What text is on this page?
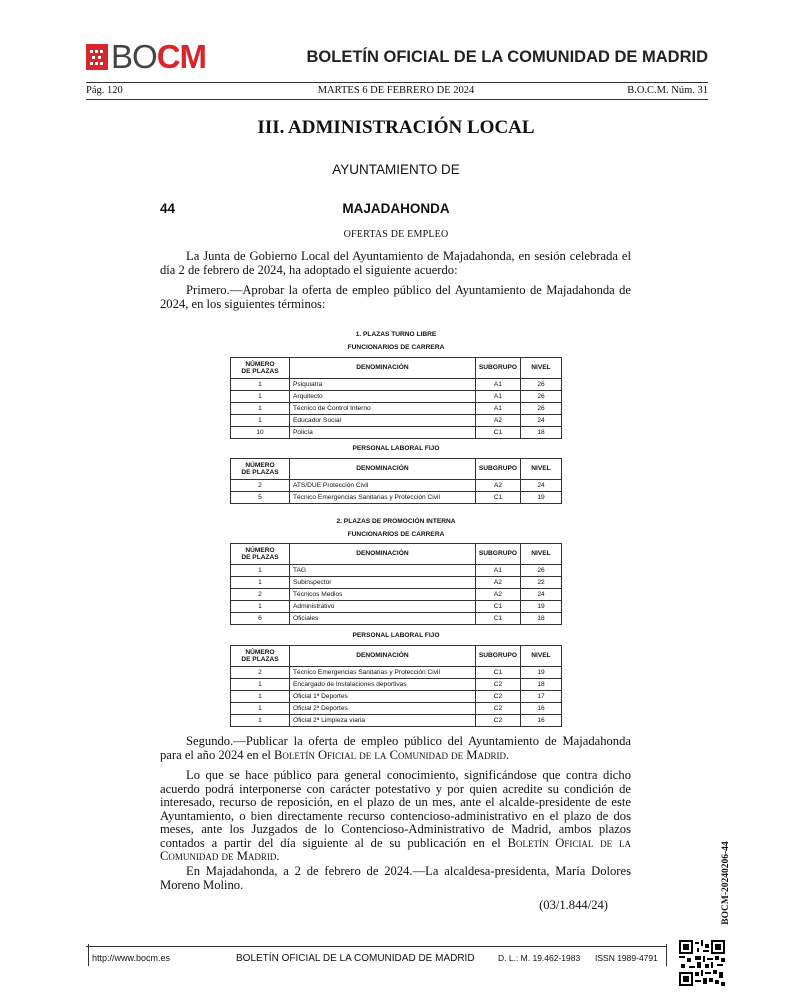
BOCM	BOLETÍN OFICIAL DE LA COMUNIDAD DE MADRID
Pág. 120	MARTES 6 DE FEBRERO DE 2024	B.O.C.M. Núm. 31
III. ADMINISTRACIÓN LOCAL
AYUNTAMIENTO DE
44	MAJADAHONDA
OFERTAS DE EMPLEO
La Junta de Gobierno Local del Ayuntamiento de Majadahonda, en sesión celebrada el día 2 de febrero de 2024, ha adoptado el siguiente acuerdo:
Primero.—Aprobar la oferta de empleo público del Ayuntamiento de Majadahonda de 2024, en los siguientes términos:
1. PLAZAS TURNO LIBRE
FUNCIONARIOS DE CARRERA
NÚMERO
DE PLAZAS	DENOMINACIÓN	SUBGRUPO	NIVEL
1	Psiquiatra	A1	26
1	Arquitecto	A1	26
1	Técnico de Control Interno	A1	26
1	Educador Social	A2	24
10	Policía	C1	18
PERSONAL LABORAL FIJO
NÚMERO
DE PLAZAS	DENOMINACIÓN	SUBGRUPO	NIVEL
2	ATS/DUE Protección Civil	A2	24
5	Técnico Emergencias Sanitarias y Protección Civil	C1	19
2. PLAZAS DE PROMOCIÓN INTERNA
FUNCIONARIOS DE CARRERA
NÚMERO
DE PLAZAS	DENOMINACIÓN	SUBGRUPO	NIVEL
1	TAG	A1	26
1	Subinspector	A2	22
2	Técnicos Medios	A2	24
1	Administrativo	C1	19
6	Oficiales	C1	18
PERSONAL LABORAL FIJO
NÚMERO
DE PLAZAS	DENOMINACIÓN	SUBGRUPO	NIVEL
2	Técnico Emergencias Sanitarias y Protección Civil	C1	19
1	Encargado de Instalaciones deportivas	C2	18
1	Oficial 1ª Deportes	C2	17
1	Oficial 2ª Deportes	C2	16
1	Oficial 2ª Limpieza viaria	C2	16
Segundo.—Publicar la oferta de empleo público del Ayuntamiento de Majadahonda para el año 2024 en el Boletín Oficial de la Comunidad de Madrid.
Lo que se hace público para general conocimiento, significándose que contra dicho acuerdo podrá interponerse con carácter potestativo y por quien acredite su condición de interesado, recurso de reposición, en el plazo de un mes, ante el alcalde-presidente de este Ayuntamiento, o bien directamente recurso contencioso-administrativo en el plazo de dos meses, ante los Juzgados de lo Contencioso-Administrativo de Madrid, ambos plazos contados a partir del día siguiente al de su publicación en el Boletín Oficial de la Comunidad de Madrid.
En Majadahonda, a 2 de febrero de 2024.—La alcaldesa-presidenta, María Dolores Moreno Molino.
(03/1.844/24)	BOCM-20240206-44
http://www.bocm.es	BOLETÍN OFICIAL DE LA COMUNIDAD DE MADRID	D. L.: M. 19.462-1983 ISSN 1989-4791
